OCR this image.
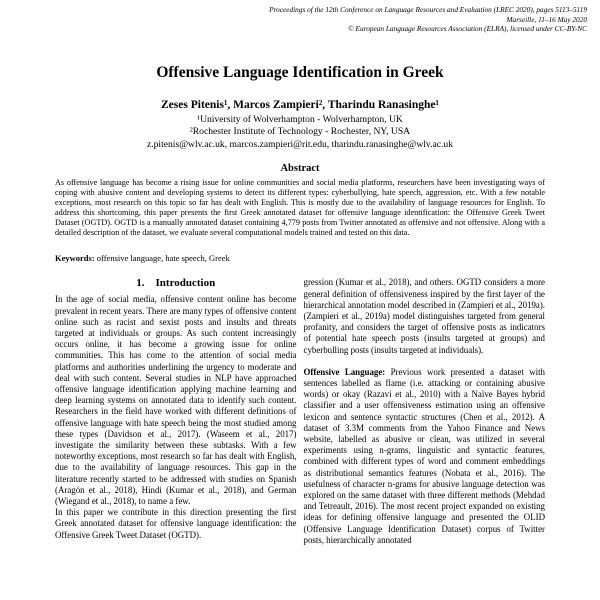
Proceedings of the 12th Conference on Language Resources and Evaluation (LREC 2020), pages 5113–5119
Marseille, 11–16 May 2020
© European Language Resources Association (ELRA), licensed under CC-BY-NC
Offensive Language Identification in Greek
Zeses Pitenis¹, Marcos Zampieri², Tharindu Ranasinghe¹
¹University of Wolverhampton - Wolverhampton, UK
²Rochester Institute of Technology - Rochester, NY, USA
z.pitenis@wlv.ac.uk, marcos.zampieri@rit.edu, tharindu.ranasinghe@wlv.ac.uk
Abstract

As offensive language has become a rising issue for online communities and social media platforms, researchers have been investigating ways of coping with abusive content and developing systems to detect its different types: cyberbullying, hate speech, aggression, etc. With a few notable exceptions, most research on this topic so far has dealt with English. This is mostly due to the availability of language resources for English. To address this shortcoming, this paper presents the first Greek annotated dataset for offensive language identification: the Offensive Greek Tweet Dataset (OGTD). OGTD is a manually annotated dataset containing 4,779 posts from Twitter annotated as offensive and not offensive. Along with a detailed description of the dataset, we evaluate several computational models trained and tested on this data.

Keywords: offensive language, hate speech, Greek

1. Introduction

In the age of social media, offensive content online has become prevalent in recent years. There are many types of offensive content online such as racist and sexist posts and insults and threats targeted at individuals or groups. As such content increasingly occurs online, it has become a growing issue for online communities. This has come to the attention of social media platforms and authorities underlining the urgency to moderate and deal with such content. Several studies in NLP have approached offensive language identification applying machine learning and deep learning systems on annotated data to identify such content. Researchers in the field have worked with different definitions of offensive language with hate speech being the most studied among these types (Davidson et al., 2017). (Waseem et al., 2017) investigate the similarity between these subtasks. With a few noteworthy exceptions, most research so far has dealt with English, due to the availability of language resources. This gap in the literature recently started to be addressed with studies on Spanish (Aragón et al., 2018), Hindi (Kumar et al., 2018), and German (Wiegand et al., 2018), to name a few.

In this paper we contribute in this direction presenting the first Greek annotated dataset for offensive language identification: the Offensive Greek Tweet Dataset (OGTD).

gression (Kumar et al., 2018), and others. OGTD considers a more general definition of offensiveness inspired by the first layer of the hierarchical annotation model described in (Zampieri et al., 2019a). (Zampieri et al., 2019a) model distinguishes targeted from general profanity, and considers the target of offensive posts as indicators of potential hate speech posts (insults targeted at groups) and cyberbulling posts (insults targeted at individuals).

Offensive Language: Previous work presented a dataset with sentences labelled as flame (i.e. attacking or containing abusive words) or okay (Razavi et al., 2010) with a Naïve Bayes hybrid classifier and a user offensiveness estimation using an offensive lexicon and sentence syntactic structures (Chen et al., 2012). A dataset of 3.3M comments from the Yahoo Finance and News website, labelled as abusive or clean, was utilized in several experiments using n-grams, linguistic and syntactic features, combined with different types of word and comment embeddings as distributional semantics features (Nobata et al., 2016). The usefulness of character n-grams for abusive language detection was explored on the same dataset with three different methods (Mehdad and Tetreault, 2016). The most recent project expanded on existing ideas for defining offensive language and presented the OLID (Offensive Language Identification Dataset) corpus of Twitter posts, hierarchically annotated
